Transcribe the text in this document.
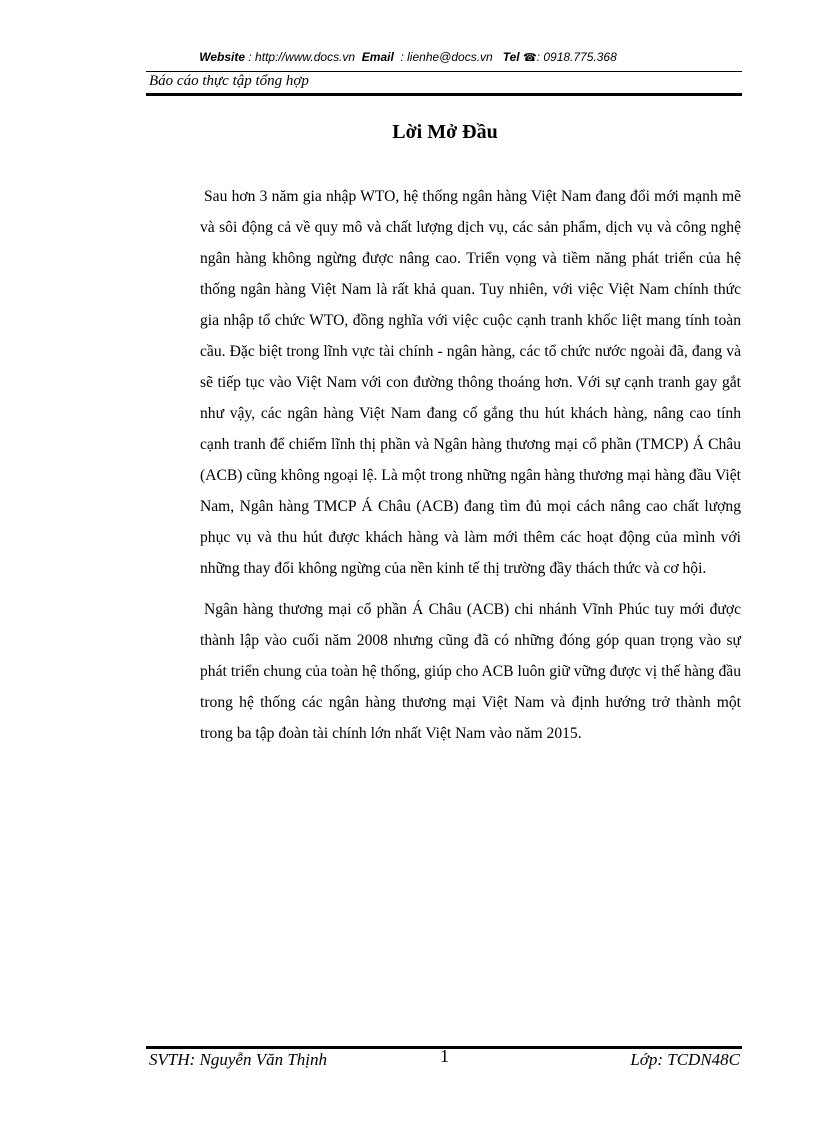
Website : http://www.docs.vn Email : lienhe@docs.vn Tel ☎: 0918.775.368
Báo cáo thực tập tổng hợp
Lời Mở Đầu

Sau hơn 3 năm gia nhập WTO, hệ thống ngân hàng Việt Nam đang đổi mới mạnh mẽ và sôi động cả về quy mô và chất lượng dịch vụ, các sản phẩm, dịch vụ và công nghệ ngân hàng không ngừng được nâng cao. Triển vọng và tiềm năng phát triển của hệ thống ngân hàng Việt Nam là rất khả quan. Tuy nhiên, với việc Việt Nam chính thức gia nhập tổ chức WTO, đồng nghĩa với việc cuộc cạnh tranh khốc liệt mang tính toàn cầu. Đặc biệt trong lĩnh vực tài chính - ngân hàng, các tổ chức nước ngoài đã, đang và sẽ tiếp tục vào Việt Nam với con đường thông thoáng hơn. Với sự cạnh tranh gay gắt như vậy, các ngân hàng Việt Nam đang cố gắng thu hút khách hàng, nâng cao tính cạnh tranh để chiếm lĩnh thị phần và Ngân hàng thương mại cổ phần (TMCP) Á Châu (ACB) cũng không ngoại lệ. Là một trong những ngân hàng thương mại hàng đầu Việt Nam, Ngân hàng TMCP Á Châu (ACB) đang tìm đủ mọi cách nâng cao chất lượng phục vụ và thu hút được khách hàng và làm mới thêm các hoạt động của mình với những thay đổi không ngừng của nền kinh tế thị trường đầy thách thức và cơ hội.

Ngân hàng thương mại cổ phần Á Châu (ACB) chi nhánh Vĩnh Phúc tuy mới được thành lập vào cuối năm 2008 nhưng cũng đã có những đóng góp quan trọng vào sự phát triển chung của toàn hệ thống, giúp cho ACB luôn giữ vững được vị thế hàng đầu trong hệ thống các ngân hàng thương mại Việt Nam và định hướng trở thành một trong ba tập đoàn tài chính lớn nhất Việt Nam vào năm 2015.

SVTH: Nguyễn Văn Thịnh	1	Lớp: TCDN48C
